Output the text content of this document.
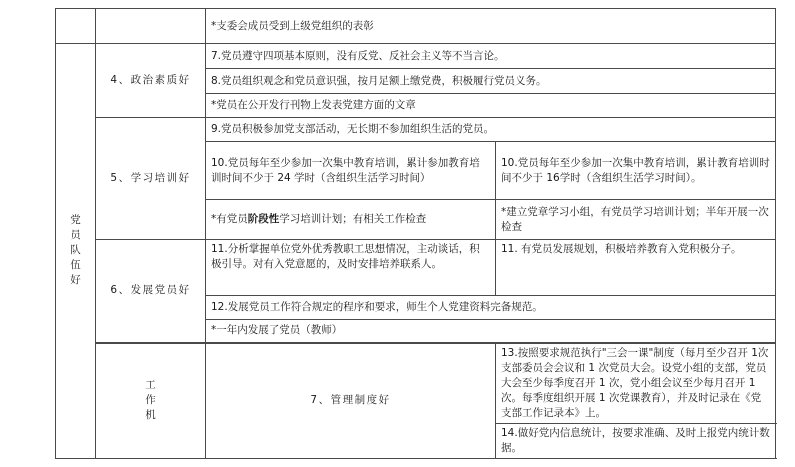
		*支委会成员受到上级党组织的表彰	

党
员
队
伍
好	4、政治素质好	7.党员遵守四项基本原则，没有反党、反社会主义等不当言论。	
		8.党员组织观念和党员意识强，按月足额上缴党费，积极履行党员义务。	
		*党员在公开发行刊物上发表党建方面的文章	
	5、学习培训好	9.党员积极参加党支部活动，无长期不参加组织生活的党员。	
		10.党员每年至少参加一次集中教育培训，累计参加教育培训时间不少于 24 学时（含组织生活学习时间）	10.党员每年至少参加一次集中教育培训，累计教育培训时间不少于 16学时（含组织生活学习时间）。
		*有党员阶段性学习培训计划；有相关工作检查	*建立党章学习小组，有党员学习培训计划；半年开展一次检查
	6、发展党员好	11.分析掌握单位党外优秀教职工思想情况，主动谈话，积极引导。对有入党意愿的，及时安排培养联系人。	11. 有党员发展规划，积极培养教育入党积极分子。
		12.发展党员工作符合规定的程序和要求，师生个人党建资料完备规范。	
		*一年内发展了党员（教师）	

	工
作
机	7、管理制度好	13.按照要求规范执行"三会一课"制度（每月至少召开 1次支部委员会会议和 1 次党员大会。设党小组的支部，党员大会至少每季度召开 1 次，党小组会议至少每月召开 1 次。每季度组织开展 1 次党课教育），并及时记录在《党支部工作记录本》上。
			14.做好党内信息统计，按要求准确、及时上报党内统计数据。
